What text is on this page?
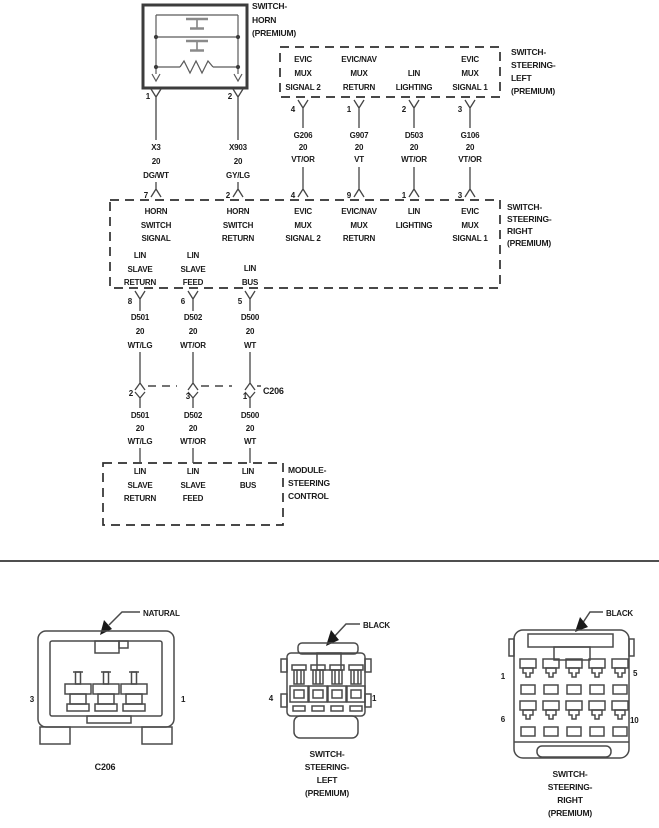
SWITCH-
HORN
(PREMIUM)
SWITCH-
STEERING-
LEFT
(PREMIUM)
SWITCH-
STEERING-
RIGHT
(PREMIUM)
MODULE-
STEERING
CONTROL
EVIC
MUX
SIGNAL 2
EVIC/NAV
MUX
RETURN
LIN
LIGHTING
EVIC
MUX
SIGNAL 1
4	1	2	3
G206
20
VT/OR
G907
20
VT
D503
20
WT/OR
G106
20
VT/OR
1	2
X3
20
DG/WT
X903
20
GY/LG
7	2	4	9	1	3
HORN
SWITCH
SIGNAL
HORN
SWITCH
RETURN
EVIC
MUX
SIGNAL 2
EVIC/NAV
MUX
RETURN
LIN
LIGHTING
EVIC
MUX
SIGNAL 1
LIN
SLAVE
RETURN
LIN
SLAVE
FEED
LIN
BUS
8	6	5
D501
20
WT/LG
D502
20
WT/OR
D500
20
WT
2	3	1
C206
D501
20
WT/LG
D502
20
WT/OR
D500
20
WT
LIN
SLAVE
RETURN
LIN
SLAVE
FEED
LIN
BUS
NATURAL
3	1
C206
BLACK
4	1
SWITCH-
STEERING-
LEFT
(PREMIUM)
BLACK
1	5
6	10
SWITCH-
STEERING-
RIGHT
(PREMIUM)
